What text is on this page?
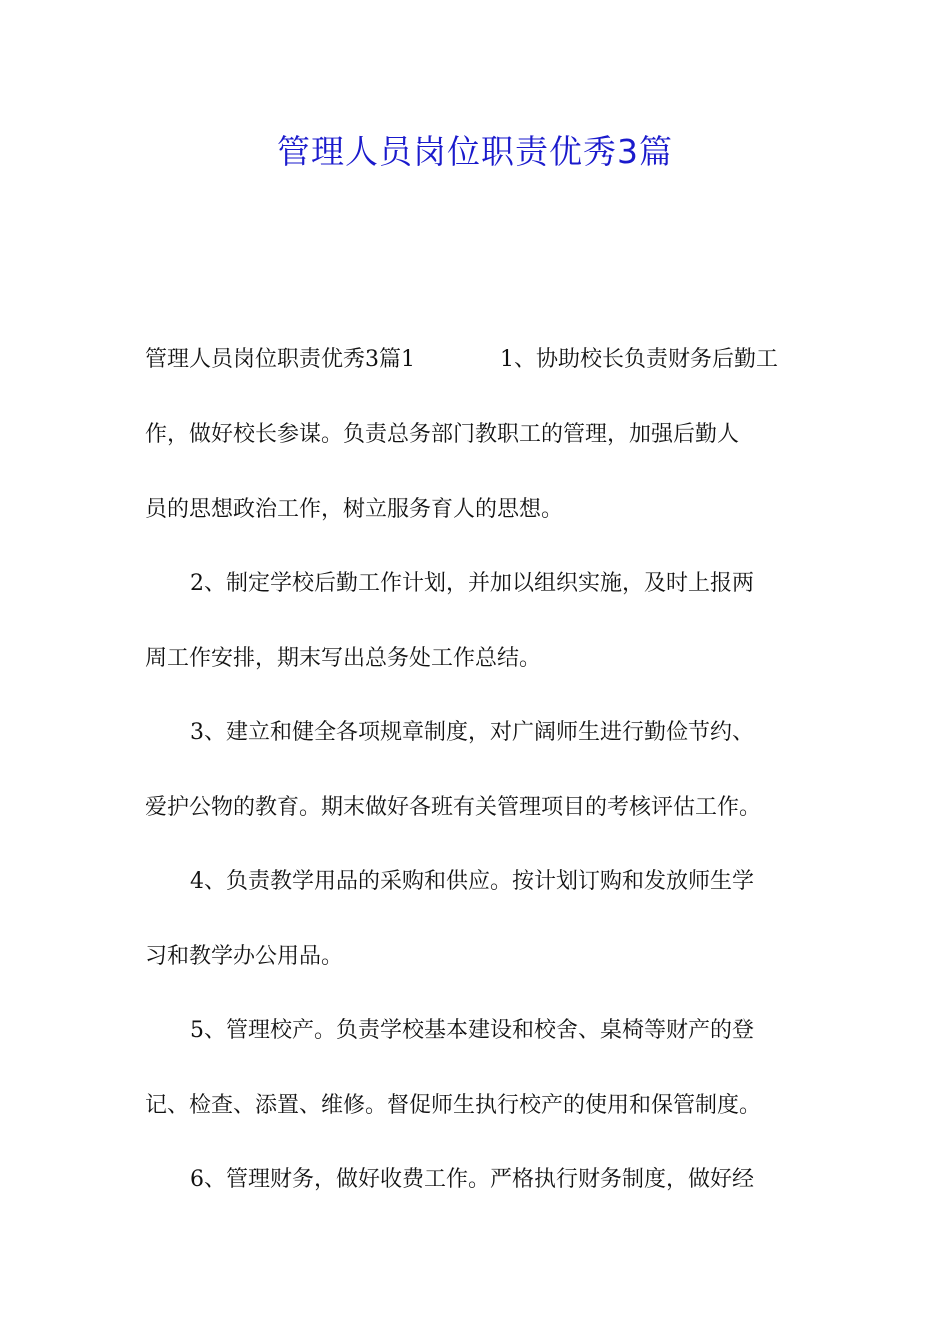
管理人员岗位职责优秀3篇
管理人员岗位职责优秀3篇1	1、协助校长负责财务后勤工
作，做好校长参谋。负责总务部门教职工的管理，加强后勤人
员的思想政治工作，树立服务育人的思想。
2、制定学校后勤工作计划，并加以组织实施，及时上报两
周工作安排，期末写出总务处工作总结。
3、建立和健全各项规章制度，对广阔师生进行勤俭节约、
爱护公物的教育。期末做好各班有关管理项目的考核评估工作。
4、负责教学用品的采购和供应。按计划订购和发放师生学
习和教学办公用品。
5、管理校产。负责学校基本建设和校舍、桌椅等财产的登
记、检查、添置、维修。督促师生执行校产的使用和保管制度。
6、管理财务，做好收费工作。严格执行财务制度，做好经
